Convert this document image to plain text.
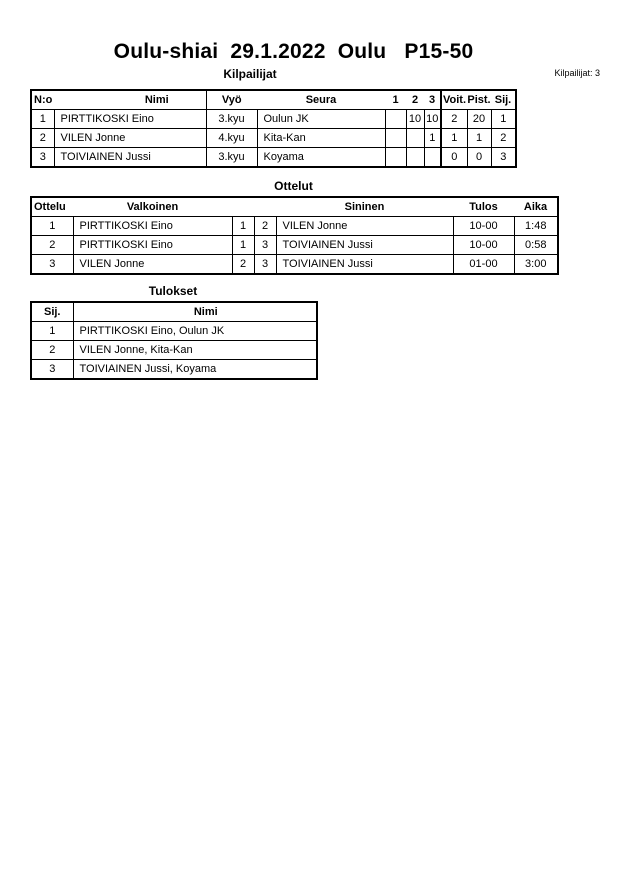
Oulu-shiai  29.1.2022  Oulu   P15-50
Kilpailijat	Kilpailijat: 3
N:o	Nimi	Vyö	Seura	1	2	3	Voit.	Pist.	Sij.
1	PIRTTIKOSKI Eino	3.kyu	Oulun JK		10	10	2	20	1
2	VILEN Jonne	4.kyu	Kita-Kan			1	1	1	2
3	TOIVIAINEN Jussi	3.kyu	Koyama				0	0	3
Ottelut
Ottelu	Valkoinen			Sininen	Tulos	Aika
1	PIRTTIKOSKI Eino	1	2	VILEN Jonne	10-00	1:48
2	PIRTTIKOSKI Eino	1	3	TOIVIAINEN Jussi	10-00	0:58
3	VILEN Jonne	2	3	TOIVIAINEN Jussi	01-00	3:00
Tulokset
Sij.	Nimi
1	PIRTTIKOSKI Eino, Oulun JK
2	VILEN Jonne, Kita-Kan
3	TOIVIAINEN Jussi, Koyama
